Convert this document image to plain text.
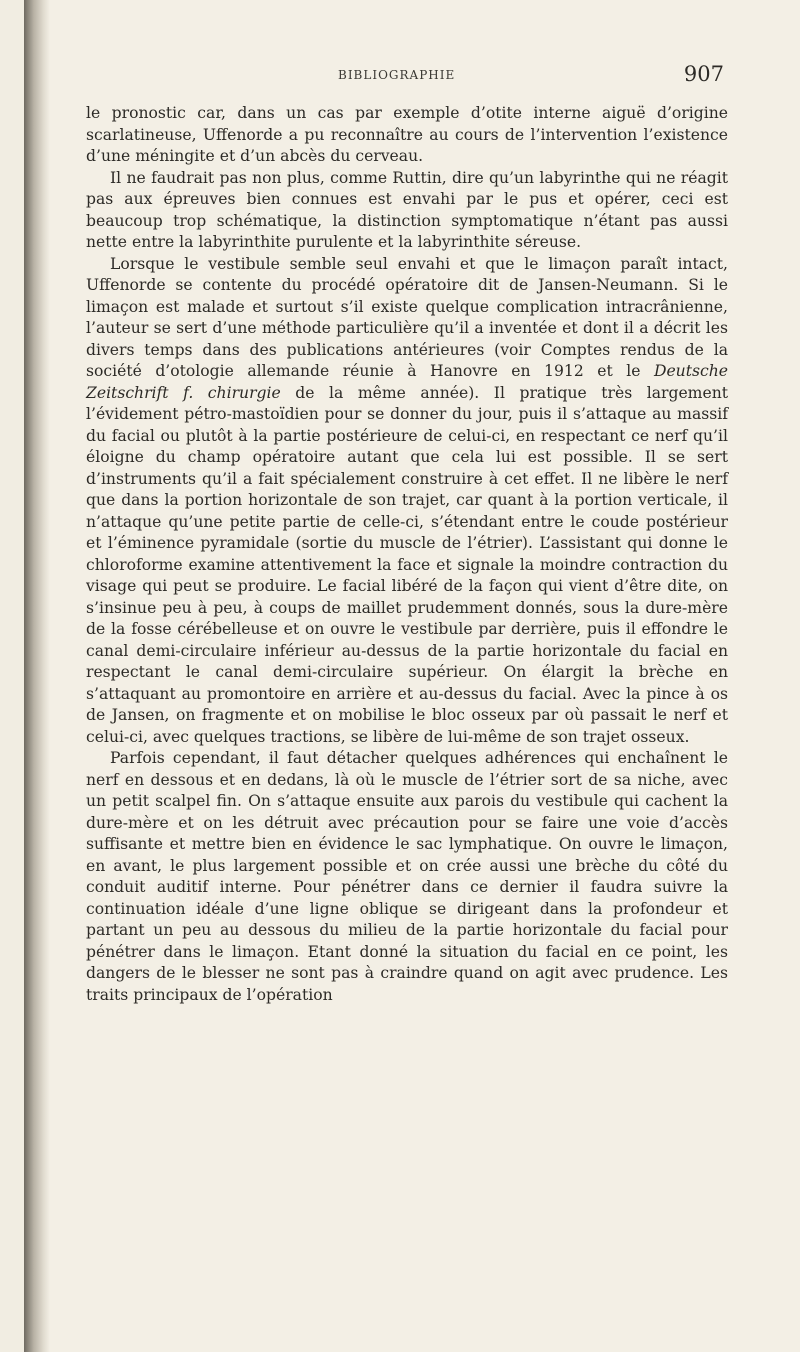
BIBLIOGRAPHIE	907

le pronostic car, dans un cas par exemple d’otite interne aiguë d’origine scarlatineuse, Uffenorde a pu reconnaître au cours de l’intervention l’existence d’une méningite et d’un abcès du cerveau.

Il ne faudrait pas non plus, comme Ruttin, dire qu’un labyrinthe qui ne réagit pas aux épreuves bien connues est envahi par le pus et opérer, ceci est beaucoup trop schématique, la distinction symptomatique n’étant pas aussi nette entre la labyrinthite purulente et la labyrinthite séreuse.

Lorsque le vestibule semble seul envahi et que le limaçon paraît intact, Uffenorde se contente du procédé opératoire dit de Jansen-Neumann. Si le limaçon est malade et surtout s’il existe quelque complication intracrânienne, l’auteur se sert d’une méthode particulière qu’il a inventée et dont il a décrit les divers temps dans des publications antérieures (voir Comptes rendus de la société d’otologie allemande réunie à Hanovre en 1912 et le Deutsche Zeitschrift f. chirurgie de la même année). Il pratique très largement l’évidement pétro-mastoïdien pour se donner du jour, puis il s’attaque au massif du facial ou plutôt à la partie postérieure de celui-ci, en respectant ce nerf qu’il éloigne du champ opératoire autant que cela lui est possible. Il se sert d’instruments qu’il a fait spécialement construire à cet effet. Il ne libère le nerf que dans la portion horizontale de son trajet, car quant à la portion verticale, il n’attaque qu’une petite partie de celle-ci, s’étendant entre le coude postérieur et l’éminence pyramidale (sortie du muscle de l’étrier). L’assistant qui donne le chloroforme examine attentivement la face et signale la moindre contraction du visage qui peut se produire. Le facial libéré de la façon qui vient d’être dite, on s’insinue peu à peu, à coups de maillet prudemment donnés, sous la dure-mère de la fosse cérébelleuse et on ouvre le vestibule par derrière, puis il effondre le canal demi-circulaire inférieur au-dessus de la partie horizontale du facial en respectant le canal demi-circulaire supérieur. On élargit la brèche en s’attaquant au promontoire en arrière et au-dessus du facial. Avec la pince à os de Jansen, on fragmente et on mobilise le bloc osseux par où passait le nerf et celui-ci, avec quelques tractions, se libère de lui-même de son trajet osseux.

Parfois cependant, il faut détacher quelques adhérences qui enchaînent le nerf en dessous et en dedans, là où le muscle de l’étrier sort de sa niche, avec un petit scalpel fin. On s’attaque ensuite aux parois du vestibule qui cachent la dure-mère et on les détruit avec précaution pour se faire une voie d’accès suffisante et mettre bien en évidence le sac lymphatique. On ouvre le limaçon, en avant, le plus largement possible et on crée aussi une brèche du côté du conduit auditif interne. Pour pénétrer dans ce dernier il faudra suivre la continuation idéale d’une ligne oblique se dirigeant dans la profondeur et partant un peu au dessous du milieu de la partie horizontale du facial pour pénétrer dans le limaçon. Etant donné la situation du facial en ce point, les dangers de le blesser ne sont pas à craindre quand on agit avec prudence. Les traits principaux de l’opération
